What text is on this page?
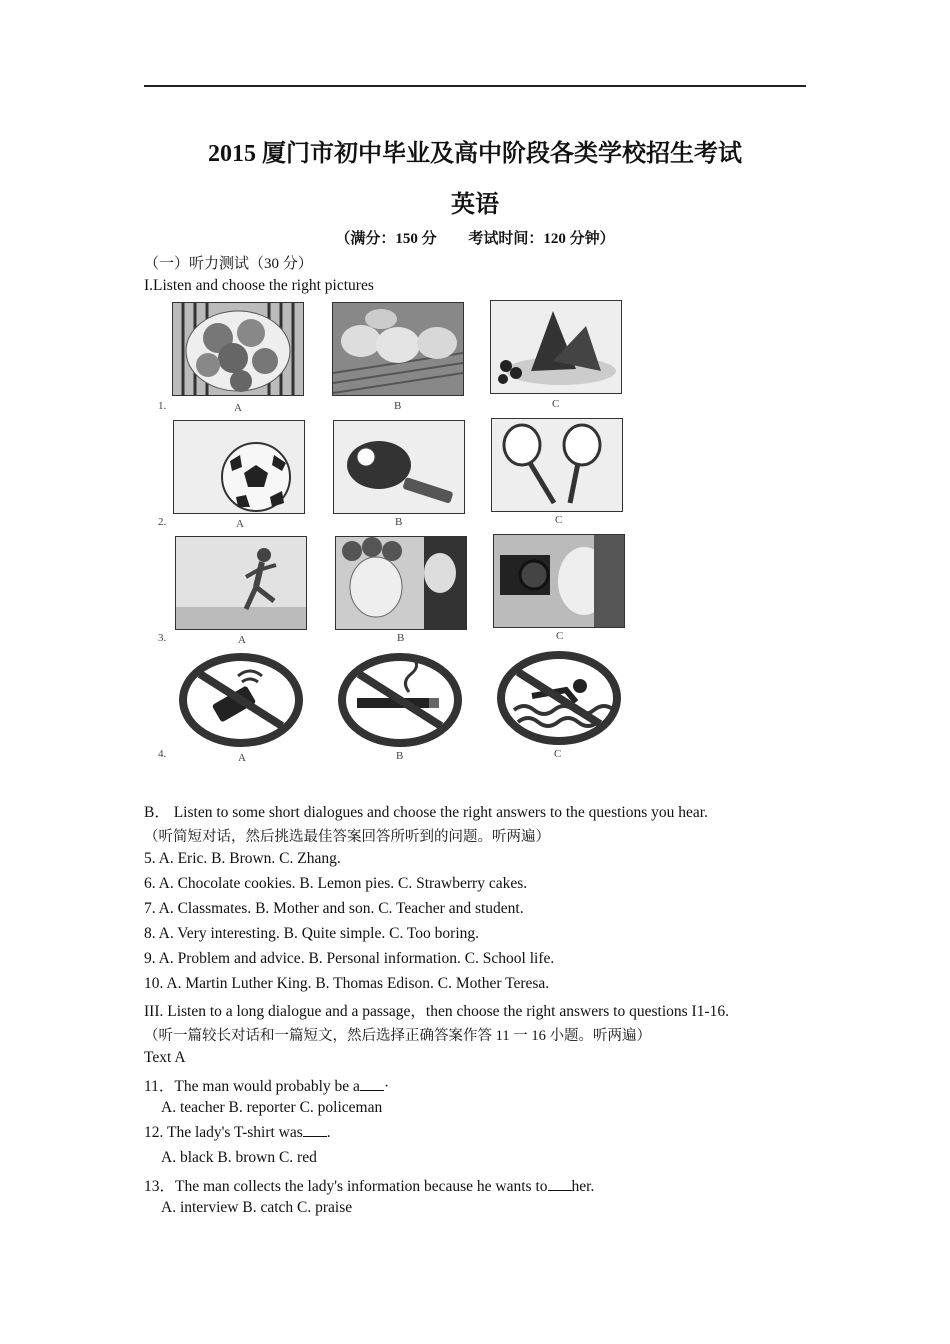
2015 厦门市初中毕业及高中阶段各类学校招生考试
英语
（满分：150 分 考试时间：120 分钟）
（一）听力测试（30 分）
I.Listen and choose the right pictures
1.	A	B	C
2.	A	B	C
3.	A	B	C
4.	A	B	C
B． Listen to some short dialogues and choose the right answers to the questions you hear.
（听简短对话，然后挑选最佳答案回答所听到的问题。听两遍）
5. A. Eric. B. Brown. C. Zhang.
6. A. Chocolate cookies. B. Lemon pies. C. Strawberry cakes.
7. A. Classmates. B. Mother and son. C. Teacher and student.
8. A. Very interesting. B. Quite simple. C. Too boring.
9. A. Problem and advice. B. Personal information. C. School life.
10. A. Martin Luther King. B. Thomas Edison. C. Mother Teresa.
III. Listen to a long dialogue and a passage，then choose the right answers to questions I1-16.
（听一篇较长对话和一篇短文，然后选择正确答案作答 11 一 16 小题。听两遍）
Text A
11．The man would probably be a ·
A. teacher B. reporter C. policeman
12. The lady's T-shirt was .
A. black B. brown C. red
13．The man collects the lady's information because he wants to her.
A. interview B. catch C. praise
